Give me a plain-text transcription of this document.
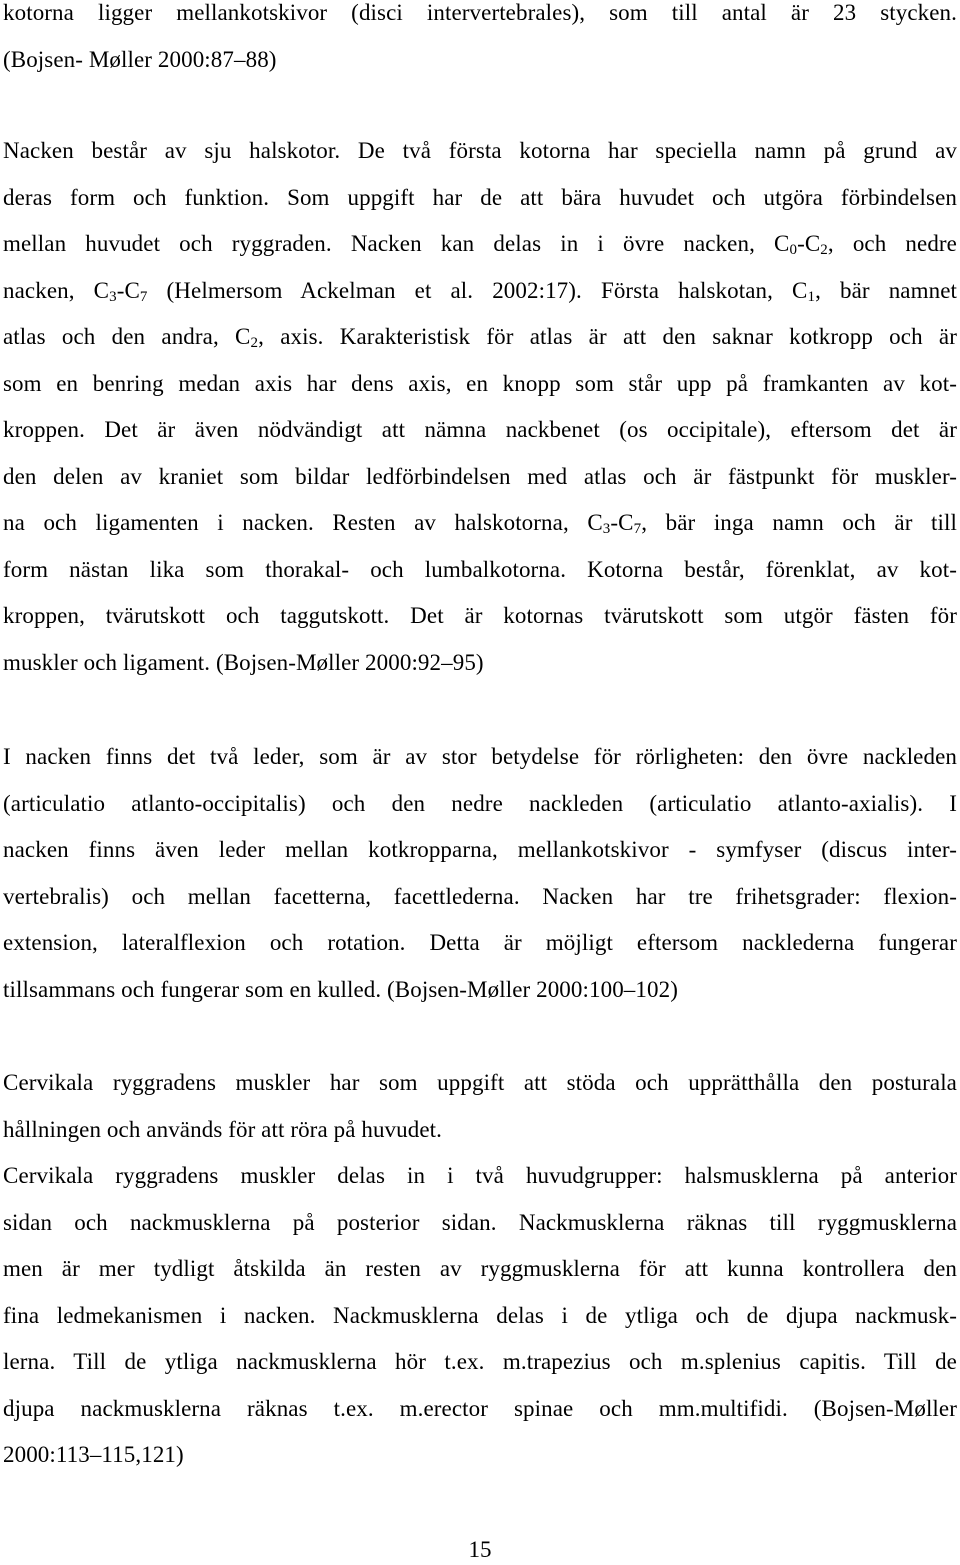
kotorna ligger mellankotskivor (disci intervertebrales), som till antal är 23 stycken.
(Bojsen- Møller 2000:87–88)
Nacken består av sju halskotor. De två första kotorna har speciella namn på grund av
deras form och funktion. Som uppgift har de att bära huvudet och utgöra förbindelsen
mellan huvudet och ryggraden. Nacken kan delas in i övre nacken, $C_0-C_2$, och nedre
nacken, $C_3-C_7$ (Helmersom Ackelman et al. 2002:17). Första halskotan, $C_1$, bär namnet
atlas och den andra, $C_2$, axis. Karakteristisk för atlas är att den saknar kotkropp och är
som en benring medan axis har dens axis, en knopp som står upp på framkanten av kot-
kroppen. Det är även nödvändigt att nämna nackbenet (os occipitale), eftersom det är
den delen av kraniet som bildar ledförbindelsen med atlas och är fästpunkt för muskler-
na och ligamenten i nacken. Resten av halskotorna, $C_3-C_7$, bär inga namn och är till
form nästan lika som thorakal- och lumbalkotorna. Kotorna består, förenklat, av kot-
kroppen, tvärutskott och taggutskott. Det är kotornas tvärutskott som utgör fästen för
muskler och ligament. (Bojsen-Møller 2000:92–95)
I nacken finns det två leder, som är av stor betydelse för rörligheten: den övre nackleden
(articulatio atlanto-occipitalis) och den nedre nackleden (articulatio atlanto-axialis). I
nacken finns även leder mellan kotkropparna, mellankotskivor - symfyser (discus inter-
vertebralis) och mellan facetterna, facettlederna. Nacken har tre frihetsgrader: flexion-
extension, lateralflexion och rotation. Detta är möjligt eftersom nacklederna fungerar
tillsammans och fungerar som en kulled. (Bojsen-Møller 2000:100–102)
Cervikala ryggradens muskler har som uppgift att stöda och upprätthålla den posturala
hållningen och används för att röra på huvudet.
Cervikala ryggradens muskler delas in i två huvudgrupper: halsmusklerna på anterior
sidan och nackmusklerna på posterior sidan. Nackmusklerna räknas till ryggmusklerna
men är mer tydligt åtskilda än resten av ryggmusklerna för att kunna kontrollera den
fina ledmekanismen i nacken. Nackmusklerna delas i de ytliga och de djupa nackmusk-
lerna. Till de ytliga nackmusklerna hör t.ex. m.trapezius och m.splenius capitis. Till de
djupa nackmusklerna räknas t.ex. m.erector spinae och mm.multifidi. (Bojsen-Møller
2000:113–115,121)
15
